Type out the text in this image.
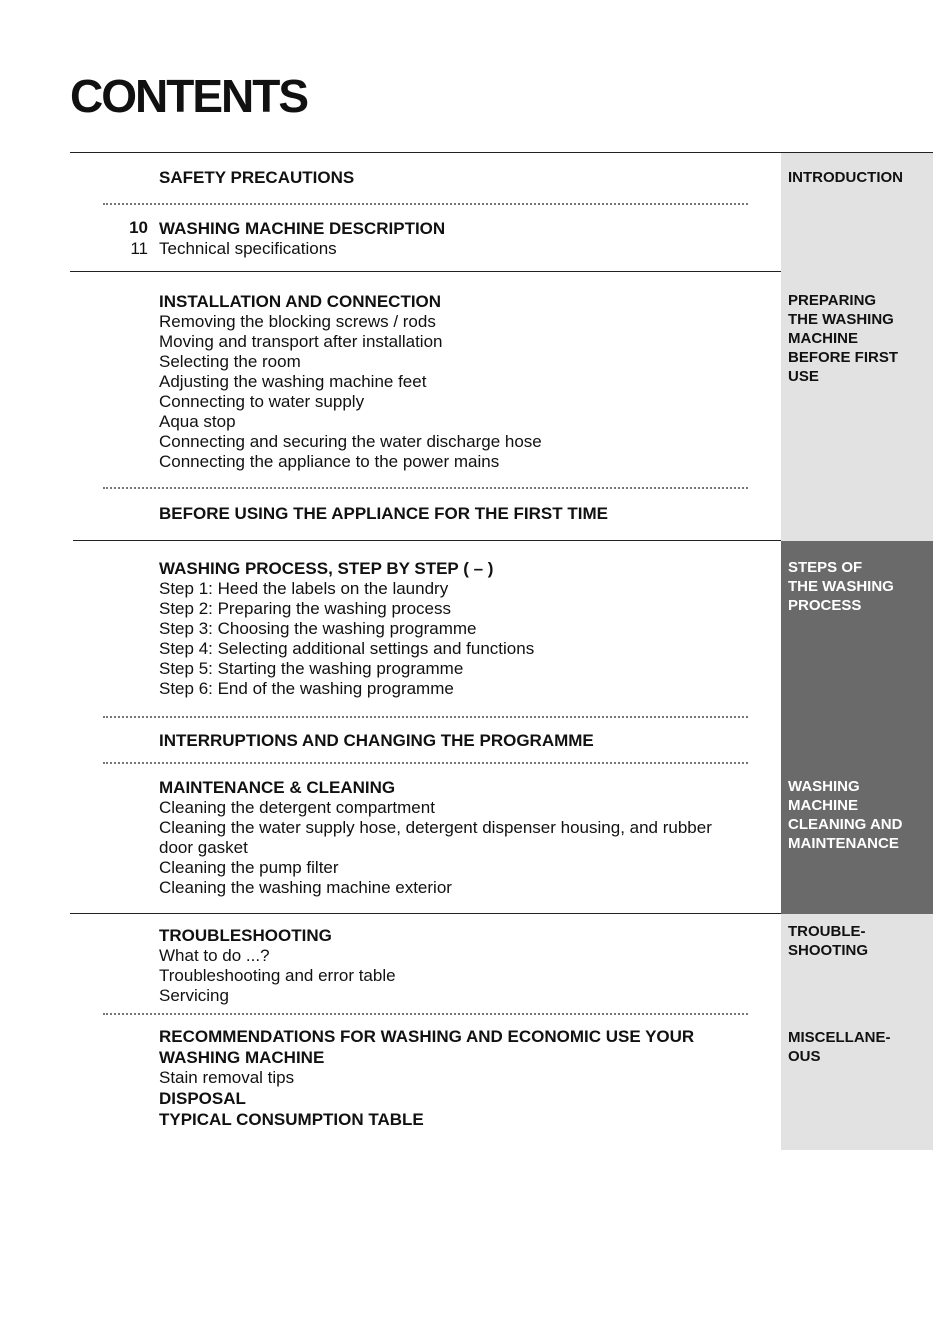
CONTENTS
INTRODUCTION
PREPARING
THE WASHING
MACHINE
BEFORE FIRST
USE
STEPS OF
THE WASHING
PROCESS
WASHING
MACHINE
CLEANING AND
MAINTENANCE
TROUBLE-
SHOOTING
MISCELLANE-
OUS
SAFETY PRECAUTIONS
10
11
WASHING MACHINE DESCRIPTION
Technical specifications
INSTALLATION AND CONNECTION
Removing the blocking screws / rods
Moving and transport after installation
Selecting the room
Adjusting the washing machine feet
Connecting to water supply
Aqua stop
Connecting and securing the water discharge hose
Connecting the appliance to the power mains
BEFORE USING THE APPLIANCE FOR THE FIRST TIME
WASHING PROCESS, STEP BY STEP ( – )
Step 1: Heed the labels on the laundry
Step 2: Preparing the washing process
Step 3: Choosing the washing programme
Step 4: Selecting additional settings and functions
Step 5: Starting the washing programme
Step 6: End of the washing programme
INTERRUPTIONS AND CHANGING THE PROGRAMME
MAINTENANCE & CLEANING
Cleaning the detergent compartment
Cleaning the water supply hose, detergent dispenser housing, and rubber
door gasket
Cleaning the pump filter
Cleaning the washing machine exterior
TROUBLESHOOTING
What to do ...?
Troubleshooting and error table
Servicing
RECOMMENDATIONS FOR WASHING AND ECONOMIC USE YOUR
WASHING MACHINE
Stain removal tips
DISPOSAL
TYPICAL CONSUMPTION TABLE
